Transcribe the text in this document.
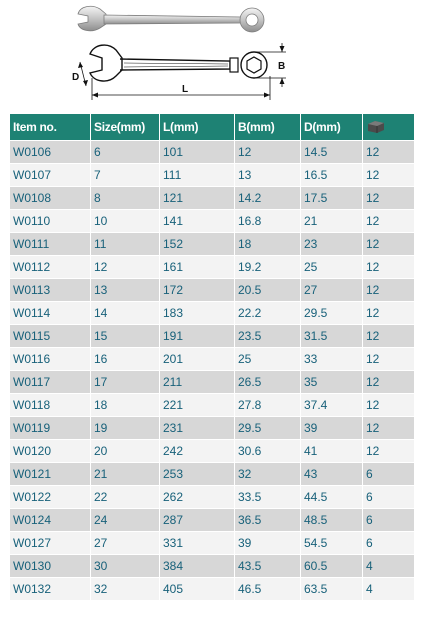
D
L
B
Item no.	Size(mm)	L(mm)	B(mm)	D(mm)	

W0106	6	101	12	14.5	12
W0107	7	111	13	16.5	12
W0108	8	121	14.2	17.5	12
W0110	10	141	16.8	21	12
W0111	11	152	18	23	12
W0112	12	161	19.2	25	12
W0113	13	172	20.5	27	12
W0114	14	183	22.2	29.5	12
W0115	15	191	23.5	31.5	12
W0116	16	201	25	33	12
W0117	17	211	26.5	35	12
W0118	18	221	27.8	37.4	12
W0119	19	231	29.5	39	12
W0120	20	242	30.6	41	12
W0121	21	253	32	43	6
W0122	22	262	33.5	44.5	6
W0124	24	287	36.5	48.5	6
W0127	27	331	39	54.5	6
W0130	30	384	43.5	60.5	4
W0132	32	405	46.5	63.5	4
